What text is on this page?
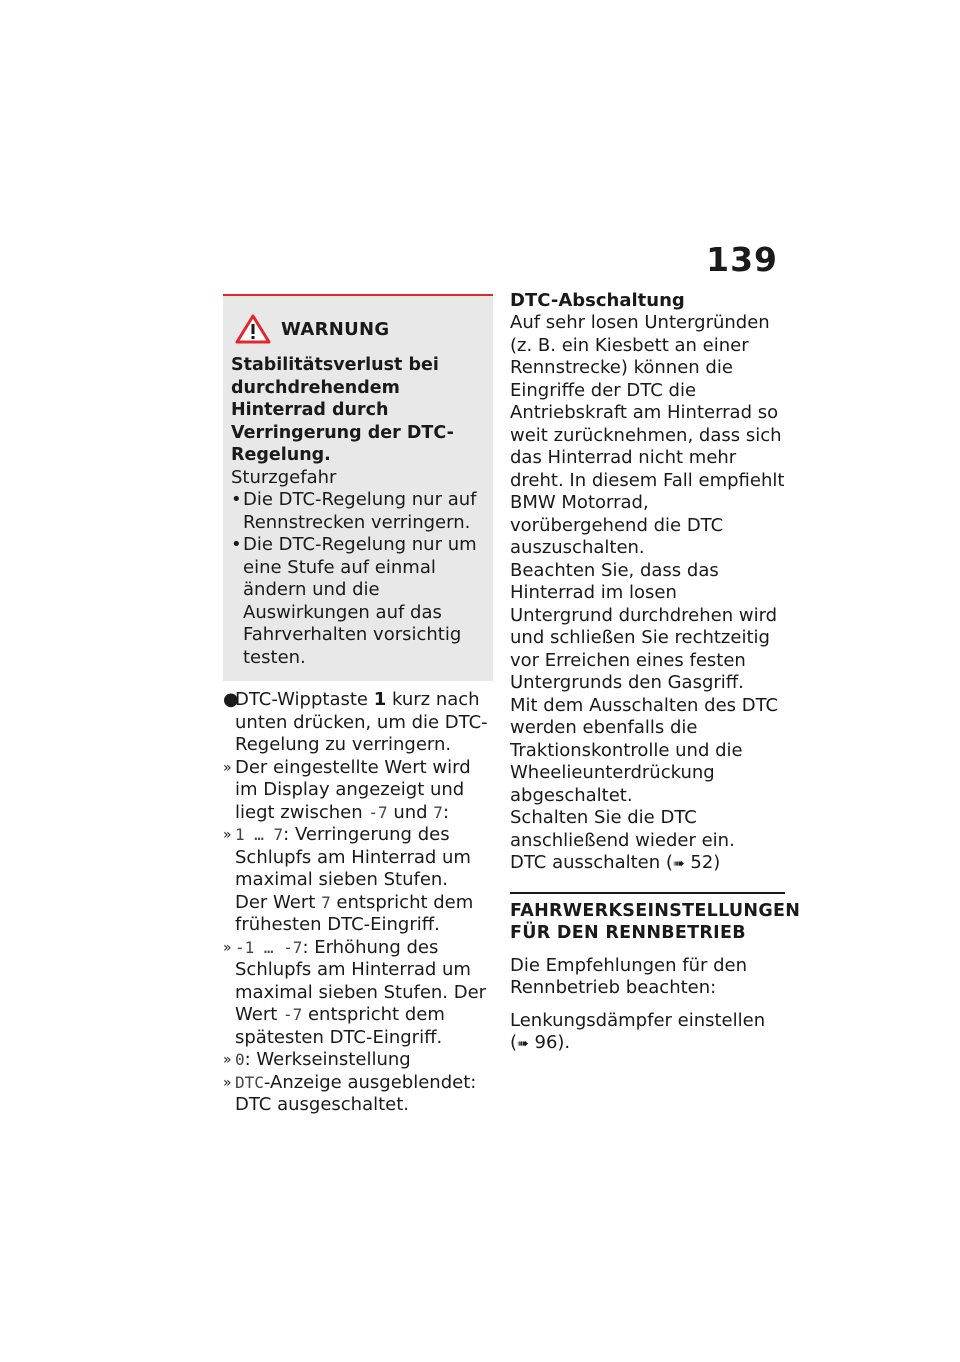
139
WARNUNG
Stabilitätsverlust bei durchdrehendem Hinterrad durch Verringerung der DTC-Regelung.
Sturzgefahr
• Die DTC-Regelung nur auf Rennstrecken verringern.
• Die DTC-Regelung nur um eine Stufe auf einmal ändern und die Auswirkungen auf das Fahrverhalten vorsichtig testen.
●
DTC-Wipptaste 1 kurz nach unten drücken, um die DTC-Regelung zu verringern.
» Der eingestellte Wert wird im Display angezeigt und liegt zwischen -7 und 7:
» 1 … 7: Verringerung des Schlupfs am Hinterrad um maximal sieben Stufen.
Der Wert 7 entspricht dem frühesten DTC-Eingriff.
» -1 … -7: Erhöhung des Schlupfs am Hinterrad um maximal sieben Stufen. Der Wert -7 entspricht dem spätesten DTC-Eingriff.
» 0: Werkseinstellung
» DTC-Anzeige ausgeblendet:
DTC ausgeschaltet.
DTC-Abschaltung
Auf sehr losen Untergründen (z. B. ein Kiesbett an einer Rennstrecke) können die Eingriffe der DTC die Antriebskraft am Hinterrad so weit zurücknehmen, dass sich das Hinterrad nicht mehr dreht. In diesem Fall empfiehlt BMW Motorrad, vorübergehend die DTC auszuschalten.
Beachten Sie, dass das Hinterrad im losen Untergrund durchdrehen wird und schließen Sie rechtzeitig vor Erreichen eines festen Untergrunds den Gasgriff.
Mit dem Ausschalten des DTC werden ebenfalls die Traktionskontrolle und die Wheelieunterdrückung abgeschaltet.
Schalten Sie die DTC anschließend wieder ein.
DTC ausschalten (➠ 52)
FAHRWERKSEINSTELLUNGEN FÜR DEN RENNBETRIEB
Die Empfehlungen für den Rennbetrieb beachten:
Lenkungsdämpfer einstellen
(➠ 96).
